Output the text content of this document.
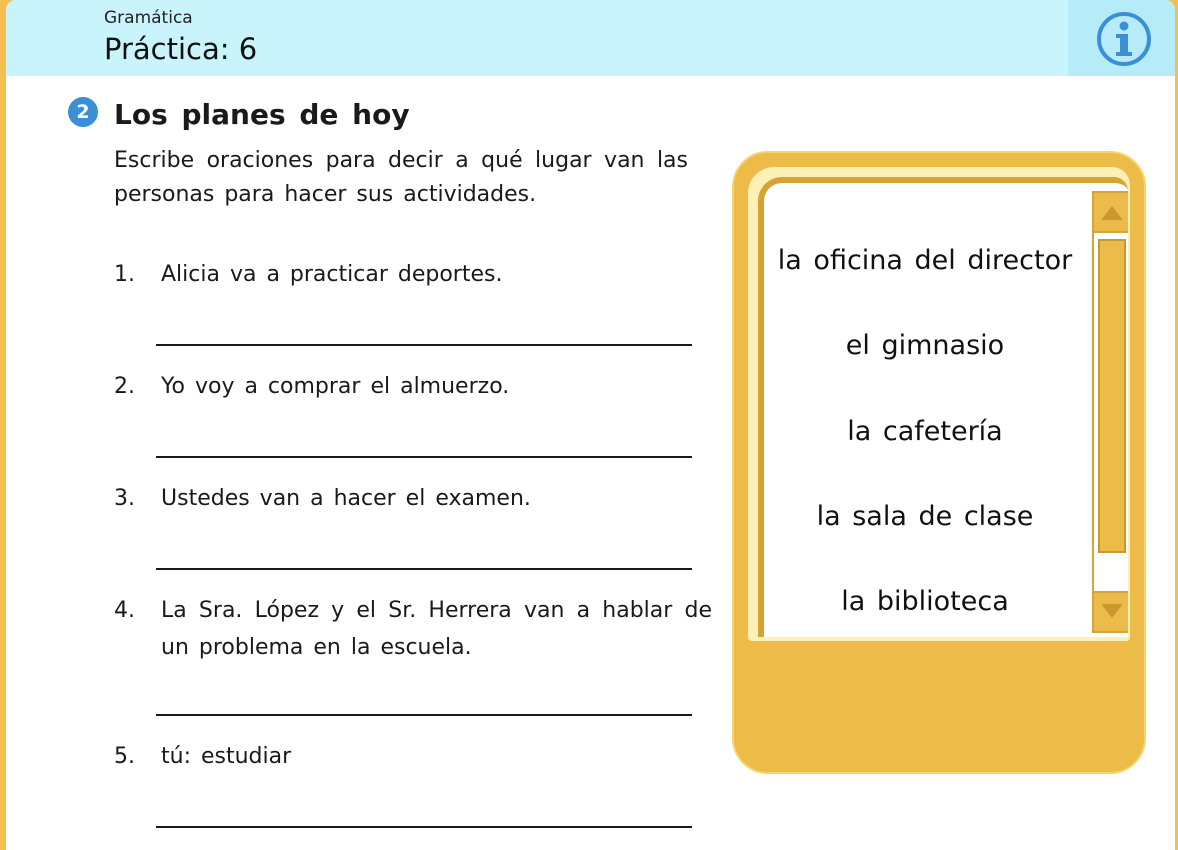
Gramática
Práctica: 6
2 Los planes de hoy
Escribe oraciones para decir a qué lugar van las personas para hacer sus actividades.
1. Alicia va a practicar deportes.
2. Yo voy a comprar el almuerzo.
3. Ustedes van a hacer el examen.
4. La Sra. López y el Sr. Herrera van a hablar de un problema en la escuela.
5. tú: estudiar
la oficina del director
el gimnasio
la cafetería
la sala de clase
la biblioteca
